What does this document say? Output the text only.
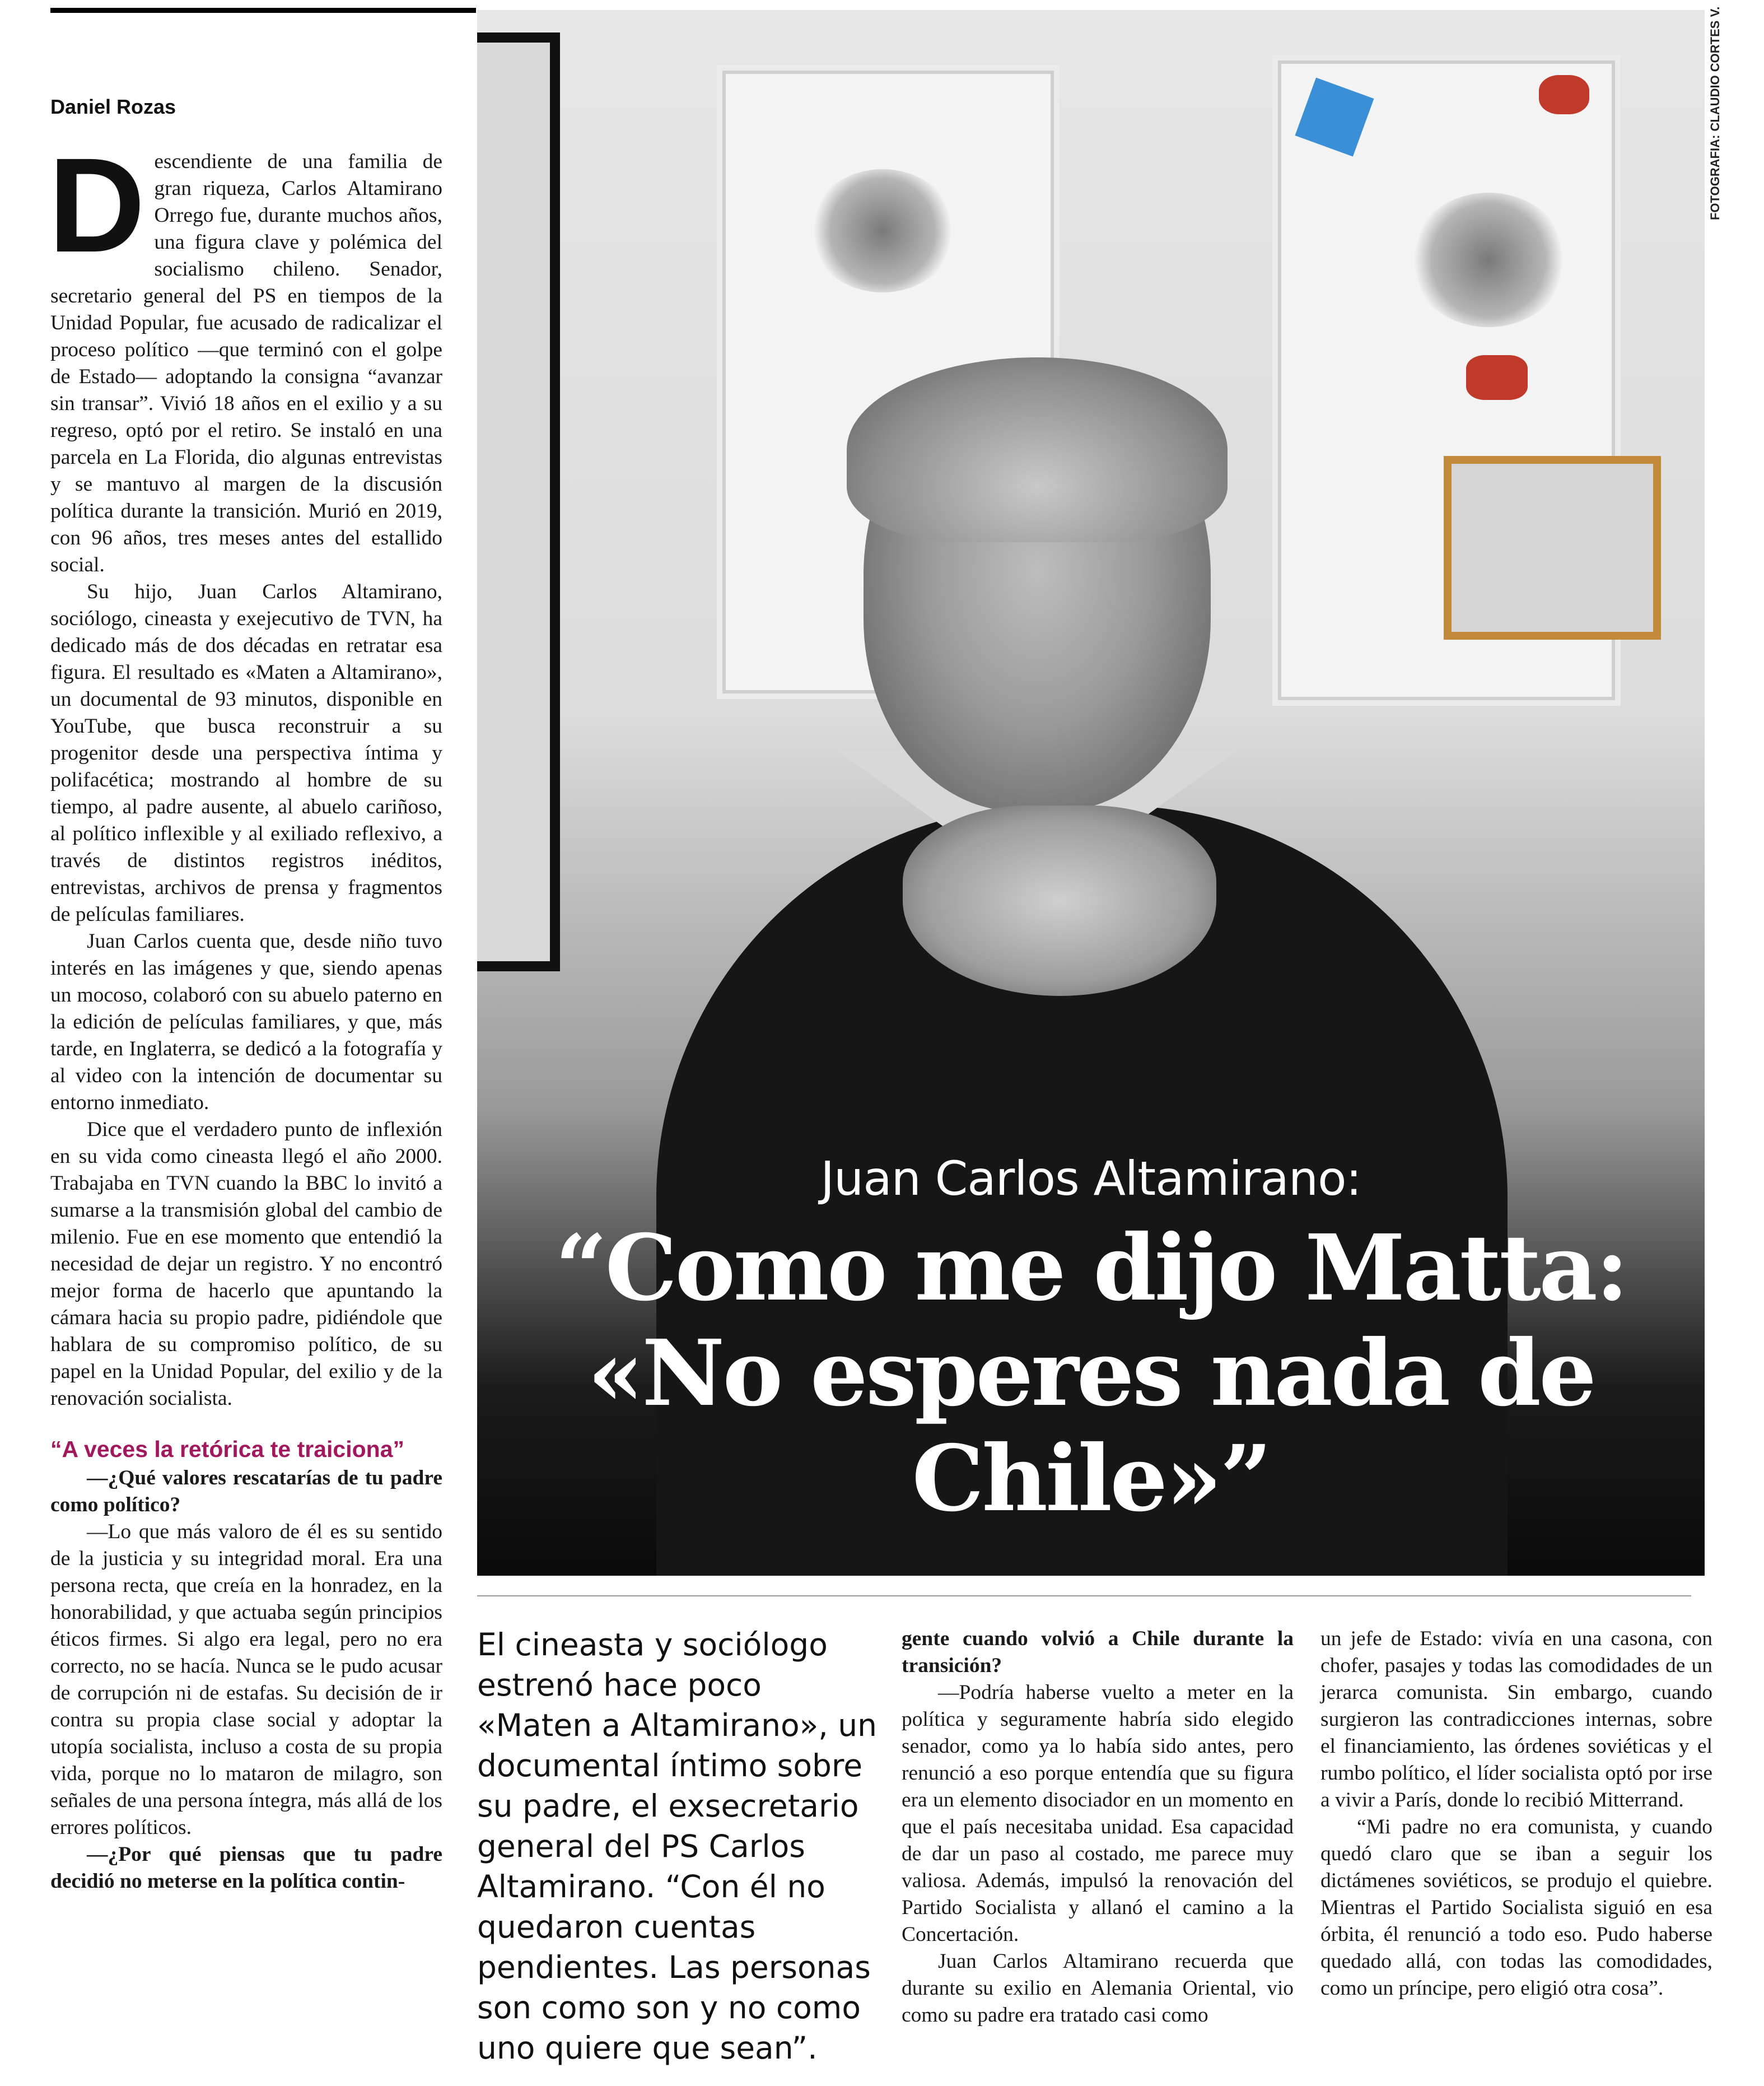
Daniel Rozas

Descendiente de una familia de gran riqueza, Carlos Altamirano Orrego fue, durante muchos años, una figura clave y polémica del socialismo chileno. Senador, secretario general del PS en tiempos de la Unidad Popular, fue acusado de radicalizar el proceso político —que terminó con el golpe de Estado— adoptando la consigna “avanzar sin transar”. Vivió 18 años en el exilio y a su regreso, optó por el retiro. Se instaló en una parcela en La Florida, dio algunas entrevistas y se mantuvo al margen de la discusión política durante la transición. Murió en 2019, con 96 años, tres meses antes del estallido social.

Su hijo, Juan Carlos Altamirano, sociólogo, cineasta y exejecutivo de TVN, ha dedicado más de dos décadas en retratar esa figura. El resultado es «Maten a Altamirano», un documental de 93 minutos, disponible en YouTube, que busca reconstruir a su progenitor desde una perspectiva íntima y polifacética; mostrando al hombre de su tiempo, al padre ausente, al abuelo cariñoso, al político inflexible y al exiliado reflexivo, a través de distintos registros inéditos, entrevistas, archivos de prensa y fragmentos de películas familiares.

Juan Carlos cuenta que, desde niño tuvo interés en las imágenes y que, siendo apenas un mocoso, colaboró con su abuelo paterno en la edición de películas familiares, y que, más tarde, en Inglaterra, se dedicó a la fotografía y al video con la intención de documentar su entorno inmediato.

Dice que el verdadero punto de inflexión en su vida como cineasta llegó el año 2000. Trabajaba en TVN cuando la BBC lo invitó a sumarse a la transmisión global del cambio de milenio. Fue en ese momento que entendió la necesidad de dejar un registro. Y no encontró mejor forma de hacerlo que apuntando la cámara hacia su propio padre, pidiéndole que hablara de su compromiso político, de su papel en la Unidad Popular, del exilio y de la renovación socialista.

“A veces la retórica te traiciona”

—¿Qué valores rescatarías de tu padre como político?

—Lo que más valoro de él es su sentido de la justicia y su integridad moral. Era una persona recta, que creía en la honradez, en la honorabilidad, y que actuaba según principios éticos firmes. Si algo era legal, pero no era correcto, no se hacía. Nunca se le pudo acusar de corrupción ni de estafas. Su decisión de ir contra su propia clase social y adoptar la utopía socialista, incluso a costa de su propia vida, porque no lo mataron de milagro, son señales de una persona íntegra, más allá de los errores políticos.

—¿Por qué piensas que tu padre decidió no meterse en la política contin-

FOTOGRAFIA: CLAUDIO CORTES V.
Juan Carlos Altamirano:
“Como me dijo Matta: «No esperes nada de Chile»”
El cineasta y sociólogo estrenó hace poco «Maten a Altamirano», un documental íntimo sobre su padre, el exsecretario general del PS Carlos Altamirano. “Con él no quedaron cuentas pendientes. Las personas son como son y no como uno quiere que sean”.

gente cuando volvió a Chile durante la transición?

—Podría haberse vuelto a meter en la política y seguramente habría sido elegido senador, como ya lo había sido antes, pero renunció a eso porque entendía que su figura era un elemento disociador en un momento en que el país necesitaba unidad. Esa capacidad de dar un paso al costado, me parece muy valiosa. Además, impulsó la renovación del Partido Socialista y allanó el camino a la Concertación.

Juan Carlos Altamirano recuerda que durante su exilio en Alemania Oriental, vio como su padre era tratado casi como

un jefe de Estado: vivía en una casona, con chofer, pasajes y todas las comodidades de un jerarca comunista. Sin embargo, cuando surgieron las contradicciones internas, sobre el financiamiento, las órdenes soviéticas y el rumbo político, el líder socialista optó por irse a vivir a París, donde lo recibió Mitterrand.

“Mi padre no era comunista, y cuando quedó claro que se iban a seguir los dictámenes soviéticos, se produjo el quiebre. Mientras el Partido Socialista siguió en esa órbita, él renunció a todo eso. Pudo haberse quedado allá, con todas las comodidades, como un príncipe, pero eligió otra cosa”.
